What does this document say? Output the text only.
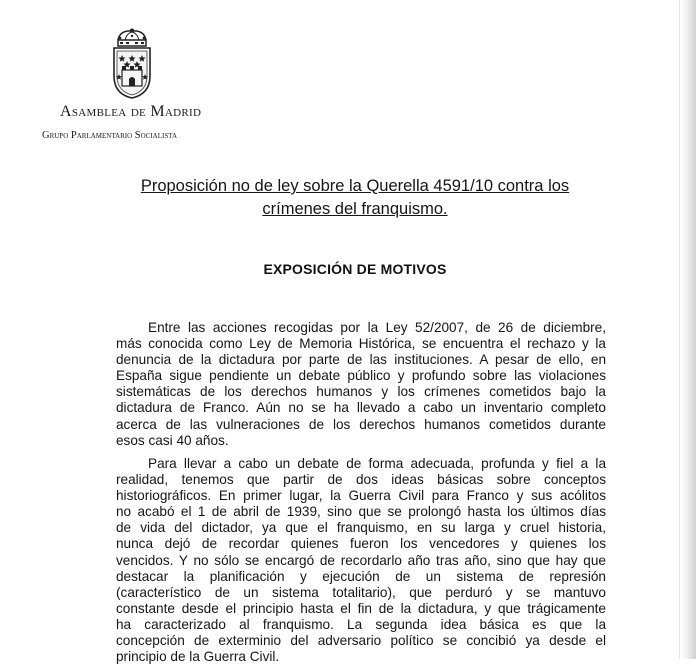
Asamblea de Madrid
Grupo Parlamentario Socialista
Proposición no de ley sobre la Querella 4591/10 contra los
crímenes del franquismo.
EXPOSICIÓN DE MOTIVOS
Entre las acciones recogidas por la Ley 52/2007, de 26 de diciembre,
más conocida como Ley de Memoria Histórica, se encuentra el rechazo y la
denuncia de la dictadura por parte de las instituciones. A pesar de ello, en
España sigue pendiente un debate público y profundo sobre las violaciones
sistemáticas de los derechos humanos y los crímenes cometidos bajo la
dictadura de Franco. Aún no se ha llevado a cabo un inventario completo
acerca de las vulneraciones de los derechos humanos cometidos durante
esos casi 40 años.
Para llevar a cabo un debate de forma adecuada, profunda y fiel a la
realidad, tenemos que partir de dos ideas básicas sobre conceptos
historiográficos. En primer lugar, la Guerra Civil para Franco y sus acólitos
no acabó el 1 de abril de 1939, sino que se prolongó hasta los últimos días
de vida del dictador, ya que el franquismo, en su larga y cruel historia,
nunca dejó de recordar quienes fueron los vencedores y quienes los
vencidos. Y no sólo se encargó de recordarlo año tras año, sino que hay que
destacar la planificación y ejecución de un sistema de represión
(característico de un sistema totalitario), que perduró y se mantuvo
constante desde el principio hasta el fin de la dictadura, y que trágicamente
ha caracterizado al franquismo. La segunda idea básica es que la
concepción de exterminio del adversario político se concibió ya desde el
principio de la Guerra Civil.
